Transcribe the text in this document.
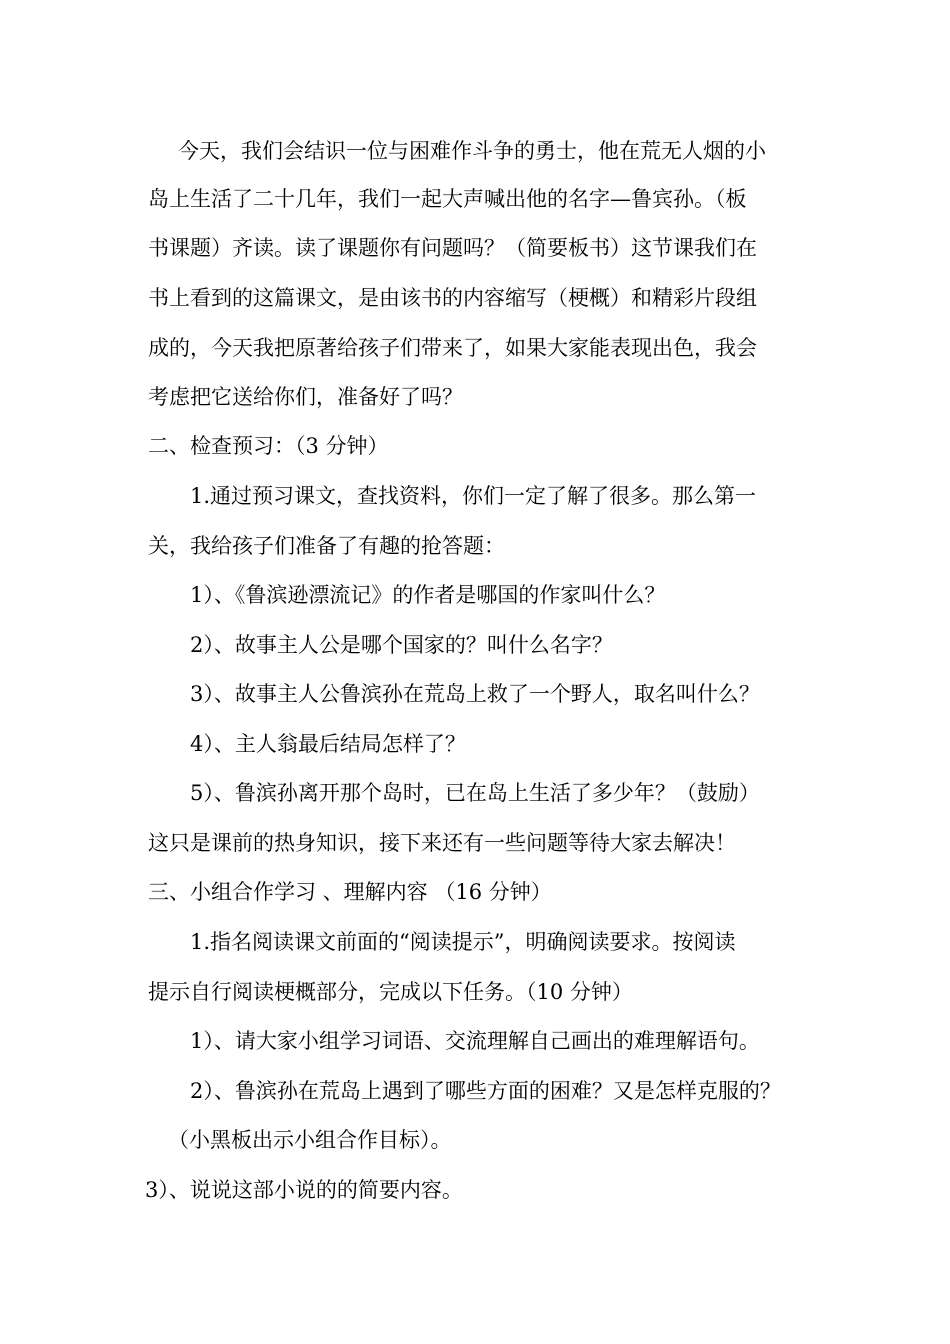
今天，我们会结识一位与困难作斗争的勇士，他在荒无人烟的小
岛上生活了二十几年，我们一起大声喊出他的名字—鲁宾孙。（板
书课题）齐读。读了课题你有问题吗？（简要板书）这节课我们在
书上看到的这篇课文，是由该书的内容缩写（梗概）和精彩片段组
成的，今天我把原著给孩子们带来了，如果大家能表现出色，我会
考虑把它送给你们，准备好了吗？
二、检查预习：（3 分钟）
1.通过预习课文，查找资料，你们一定了解了很多。那么第一
关，我给孩子们准备了有趣的抢答题：
1）、《鲁滨逊漂流记》的作者是哪国的作家叫什么？
2）、故事主人公是哪个国家的？叫什么名字？
3）、故事主人公鲁滨孙在荒岛上救了一个野人，取名叫什么？
4）、主人翁最后结局怎样了？
5）、鲁滨孙离开那个岛时，已在岛上生活了多少年？（鼓励）
这只是课前的热身知识，接下来还有一些问题等待大家去解决！
三、小组合作学习 、理解内容 （16 分钟）
1.指名阅读课文前面的“阅读提示”，明确阅读要求。按阅读
提示自行阅读梗概部分，完成以下任务。（10 分钟）
1）、请大家小组学习词语、交流理解自己画出的难理解语句。
2）、鲁滨孙在荒岛上遇到了哪些方面的困难？又是怎样克服的？
（小黑板出示小组合作目标）。
3）、说说这部小说的的简要内容。
